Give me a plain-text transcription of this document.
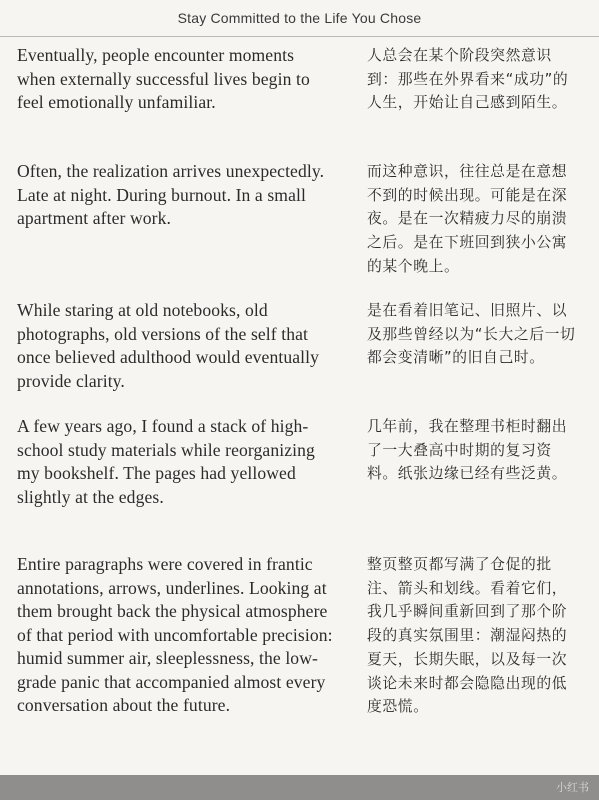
Stay Committed to the Life You Chose
Eventually, people encounter moments when externally successful lives begin to feel emotionally unfamiliar.
人总会在某个阶段突然意识到：那些在外界看来“成功”的人生，开始让自己感到陌生。
Often, the realization arrives unexpectedly. Late at night. During burnout. In a small apartment after work.
而这种意识，往往总是在意想不到的时候出现。可能是在深夜。是在一次精疲力尽的崩溃之后。是在下班回到狭小公寓的某个晚上。
While staring at old notebooks, old photographs, old versions of the self that once believed adulthood would eventually provide clarity.
是在看着旧笔记、旧照片、以及那些曾经以为“长大之后一切都会变清晰”的旧自己时。
A few years ago, I found a stack of high-school study materials while reorganizing my bookshelf. The pages had yellowed slightly at the edges.
几年前，我在整理书柜时翻出了一大叠高中时期的复习资料。纸张边缘已经有些泛黄。
Entire paragraphs were covered in frantic annotations, arrows, underlines. Looking at them brought back the physical atmosphere of that period with uncomfortable precision: humid summer air, sleeplessness, the low-grade panic that accompanied almost every conversation about the future.
整页整页都写满了仓促的批注、箭头和划线。看着它们，我几乎瞬间重新回到了那个阶段的真实氛围里：潮湿闷热的夏天，长期失眠，以及每一次谈论未来时都会隐隐出现的低度恐慌。
小红书
